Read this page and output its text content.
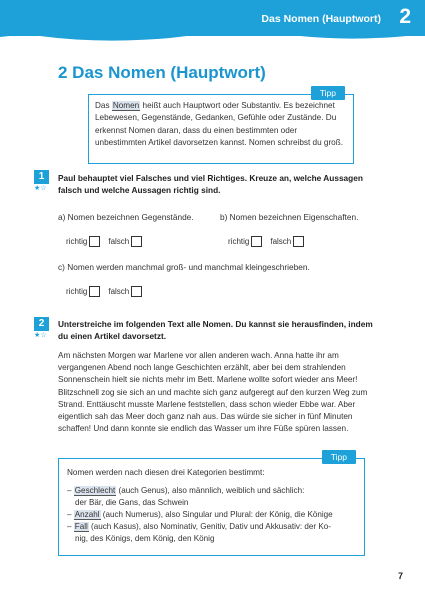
Das Nomen (Hauptwort) 2
2 Das Nomen (Hauptwort)
Tipp

Das Nomen heißt auch Hauptwort oder Substantiv. Es bezeichnet Lebewesen, Gegenstände, Gedanken, Gefühle oder Zustände. Du erkennst Nomen daran, dass du einen bestimmten oder unbestimmten Artikel davorsetzen kannst. Nomen schreibst du groß.

1
★☆

Paul behauptet viel Falsches und viel Richtiges. Kreuze an, welche Aussagen falsch und welche Aussagen richtig sind.

a) Nomen bezeichnen Gegenstände.	b) Nomen bezeichnen Eigenschaften.
richtig	falsch	richtig	falsch
c) Nomen werden manchmal groß- und manchmal kleingeschrieben.
richtig	falsch
2
★☆

Unterstreiche im folgenden Text alle Nomen. Du kannst sie herausfinden, indem du einen Artikel davorsetzt.

Am nächsten Morgen war Marlene vor allen anderen wach. Anna hatte ihr am vergangenen Abend noch lange Geschichten erzählt, aber bei dem strahlenden Sonnenschein hielt sie nichts mehr im Bett. Marlene wollte sofort wieder ans Meer! Blitzschnell zog sie sich an und machte sich ganz aufgeregt auf den kurzen Weg zum Strand. Enttäuscht musste Marlene feststellen, dass schon wieder Ebbe war. Aber eigentlich sah das Meer doch ganz nah aus. Das würde sie sicher in fünf Minuten schaffen! Und dann konnte sie endlich das Wasser um ihre Füße spüren lassen.

Tipp

Nomen werden nach diesen drei Kategorien bestimmt:

– Geschlecht (auch Genus), also männlich, weiblich und sächlich:
der Bär, die Gans, das Schwein
– Anzahl (auch Numerus), also Singular und Plural: der König, die Könige
– Fall (auch Kasus), also Nominativ, Genitiv, Dativ und Akkusativ: der Ko-
nig, des Königs, dem König, den König
7
